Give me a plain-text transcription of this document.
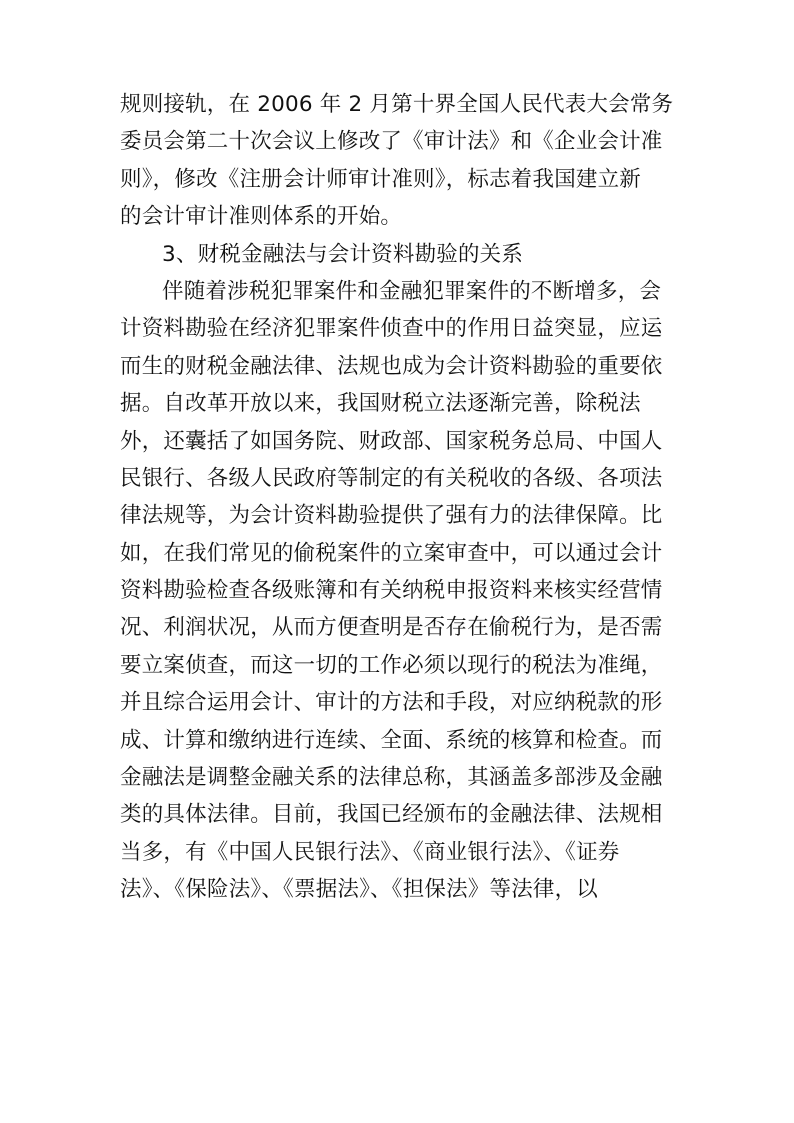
规则接轨，在 2006 年 2 月第十界全国人民代表大会常务
委员会第二十次会议上修改了《审计法》和《企业会计准
则》，修改《注册会计师审计准则》，标志着我国建立新
的会计审计准则体系的开始。
3、财税金融法与会计资料勘验的关系
伴随着涉税犯罪案件和金融犯罪案件的不断增多，会
计资料勘验在经济犯罪案件侦查中的作用日益突显，应运
而生的财税金融法律、法规也成为会计资料勘验的重要依
据。自改革开放以来，我国财税立法逐渐完善，除税法
外，还囊括了如国务院、财政部、国家税务总局、中国人
民银行、各级人民政府等制定的有关税收的各级、各项法
律法规等，为会计资料勘验提供了强有力的法律保障。比
如，在我们常见的偷税案件的立案审查中，可以通过会计
资料勘验检查各级账簿和有关纳税申报资料来核实经营情
况、利润状况，从而方便查明是否存在偷税行为，是否需
要立案侦查，而这一切的工作必须以现行的税法为准绳，
并且综合运用会计、审计的方法和手段，对应纳税款的形
成、计算和缴纳进行连续、全面、系统的核算和检查。而
金融法是调整金融关系的法律总称，其涵盖多部涉及金融
类的具体法律。目前，我国已经颁布的金融法律、法规相
当多，有《中国人民银行法》、《商业银行法》、《证券
法》、《保险法》、《票据法》、《担保法》等法律，以
